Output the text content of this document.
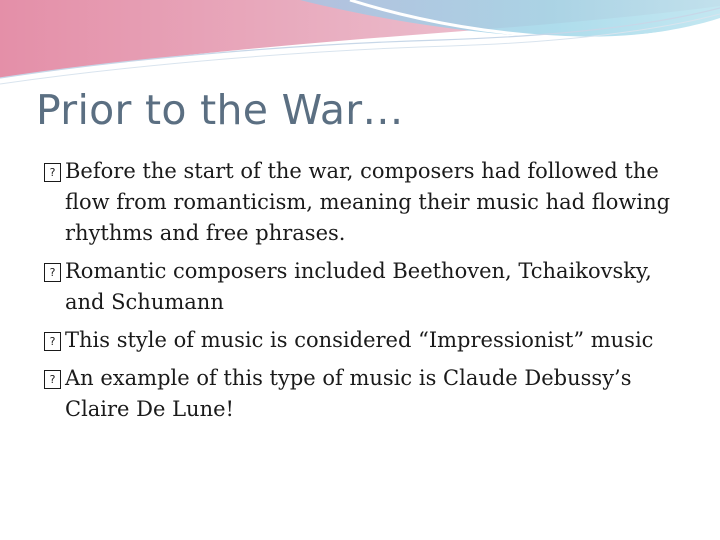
Prior to the War…
? Before the start of the war, composers had followed the flow from romanticism, meaning their music had flowing rhythms and free phrases.
? Romantic composers included Beethoven, Tchaikovsky, and Schumann
? This style of music is considered “Impressionist” music
? An example of this type of music is Claude Debussy’s Claire De Lune!
